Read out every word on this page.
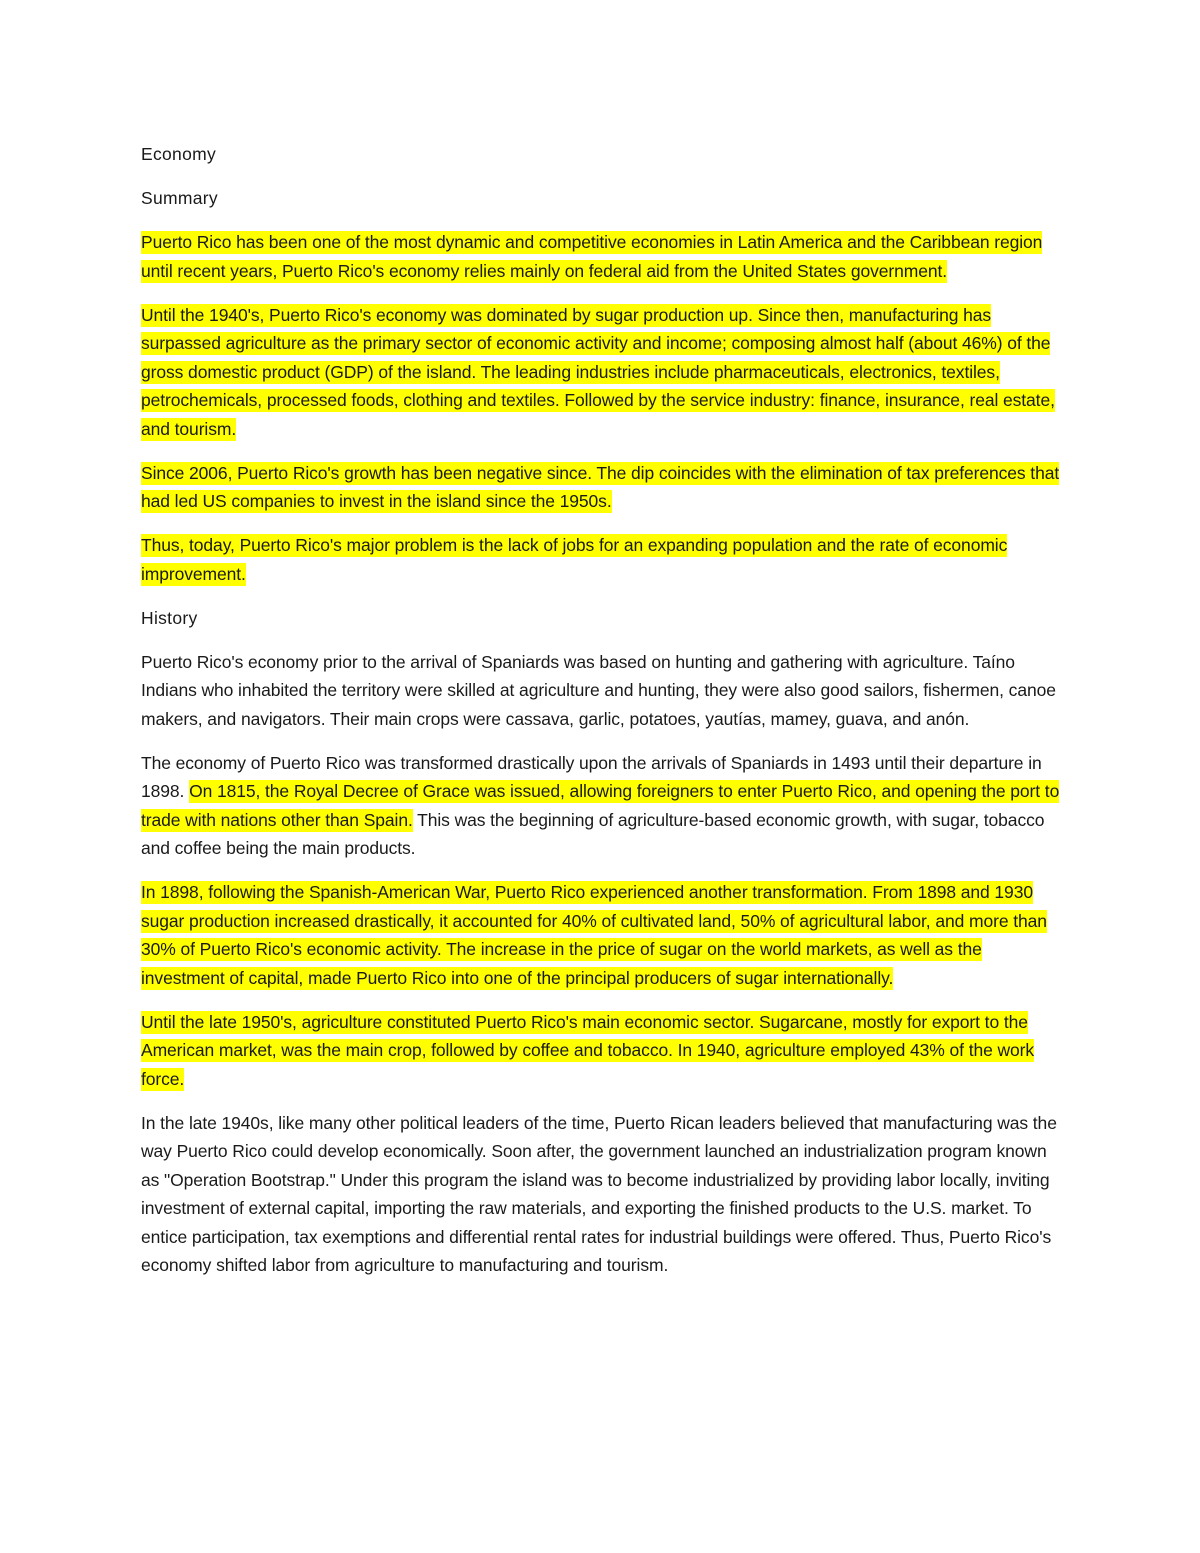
Economy

Summary

Puerto Rico has been one of the most dynamic and competitive economies in Latin America and the Caribbean region until recent years, Puerto Rico's economy relies mainly on federal aid from the United States government.

Until the 1940's, Puerto Rico's economy was dominated by sugar production up. Since then, manufacturing has surpassed agriculture as the primary sector of economic activity and income; composing almost half (about 46%) of the gross domestic product (GDP) of the island. The leading industries include pharmaceuticals, electronics, textiles, petrochemicals, processed foods, clothing and textiles. Followed by the service industry: finance, insurance, real estate, and tourism.

Since 2006, Puerto Rico's growth has been negative since. The dip coincides with the elimination of tax preferences that had led US companies to invest in the island since the 1950s.

Thus, today, Puerto Rico's major problem is the lack of jobs for an expanding population and the rate of economic improvement.

History

Puerto Rico's economy prior to the arrival of Spaniards was based on hunting and gathering with agriculture. Taíno Indians who inhabited the territory were skilled at agriculture and hunting, they were also good sailors, fishermen, canoe makers, and navigators. Their main crops were cassava, garlic, potatoes, yautías, mamey, guava, and anón.

The economy of Puerto Rico was transformed drastically upon the arrivals of Spaniards in 1493 until their departure in 1898. On 1815, the Royal Decree of Grace was issued, allowing foreigners to enter Puerto Rico, and opening the port to trade with nations other than Spain. This was the beginning of agriculture-based economic growth, with sugar, tobacco and coffee being the main products.

In 1898, following the Spanish-American War, Puerto Rico experienced another transformation. From 1898 and 1930 sugar production increased drastically, it accounted for 40% of cultivated land, 50% of agricultural labor, and more than 30% of Puerto Rico's economic activity. The increase in the price of sugar on the world markets, as well as the investment of capital, made Puerto Rico into one of the principal producers of sugar internationally.

Until the late 1950's, agriculture constituted Puerto Rico's main economic sector. Sugarcane, mostly for export to the American market, was the main crop, followed by coffee and tobacco. In 1940, agriculture employed 43% of the work force.

In the late 1940s, like many other political leaders of the time, Puerto Rican leaders believed that manufacturing was the way Puerto Rico could develop economically. Soon after, the government launched an industrialization program known as "Operation Bootstrap." Under this program the island was to become industrialized by providing labor locally, inviting investment of external capital, importing the raw materials, and exporting the finished products to the U.S. market. To entice participation, tax exemptions and differential rental rates for industrial buildings were offered. Thus, Puerto Rico's economy shifted labor from agriculture to manufacturing and tourism.
